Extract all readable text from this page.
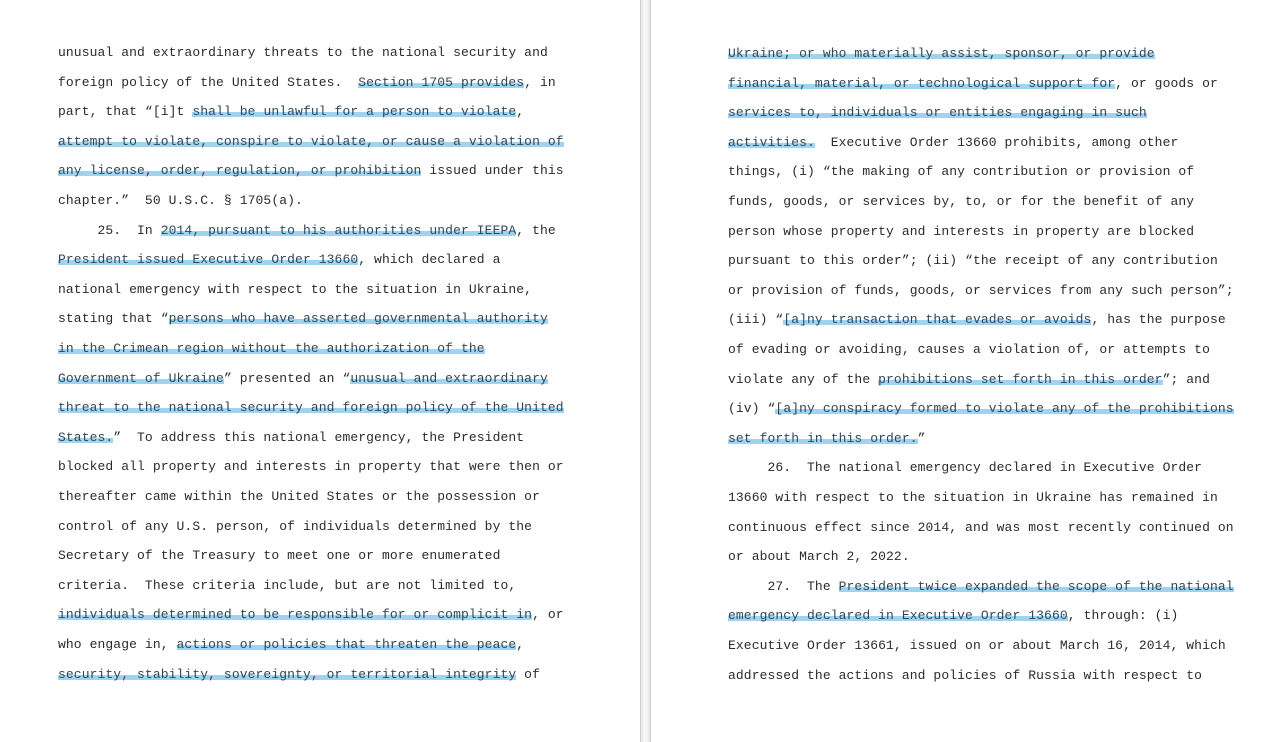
unusual and extraordinary threats to the national security and

foreign policy of the United States.  Section 1705 provides, in

part, that “[i]t shall be unlawful for a person to violate,

attempt to violate, conspire to violate, or cause a violation of

any license, order, regulation, or prohibition issued under this

chapter.”  50 U.S.C. § 1705(a).

25.  In 2014, pursuant to his authorities under IEEPA, the

President issued Executive Order 13660, which declared a

national emergency with respect to the situation in Ukraine,

stating that “persons who have asserted governmental authority

in the Crimean region without the authorization of the

Government of Ukraine” presented an “unusual and extraordinary

threat to the national security and foreign policy of the United

States.”  To address this national emergency, the President

blocked all property and interests in property that were then or

thereafter came within the United States or the possession or

control of any U.S. person, of individuals determined by the

Secretary of the Treasury to meet one or more enumerated

criteria.  These criteria include, but are not limited to,

individuals determined to be responsible for or complicit in, or

who engage in, actions or policies that threaten the peace,

security, stability, sovereignty, or territorial integrity of

Ukraine; or who materially assist, sponsor, or provide

financial, material, or technological support for, or goods or

services to, individuals or entities engaging in such

activities.  Executive Order 13660 prohibits, among other

things, (i) “the making of any contribution or provision of

funds, goods, or services by, to, or for the benefit of any

person whose property and interests in property are blocked

pursuant to this order”; (ii) “the receipt of any contribution

or provision of funds, goods, or services from any such person”;

(iii) “[a]ny transaction that evades or avoids, has the purpose

of evading or avoiding, causes a violation of, or attempts to

violate any of the prohibitions set forth in this order”; and

(iv) “[a]ny conspiracy formed to violate any of the prohibitions

set forth in this order.”

26.  The national emergency declared in Executive Order

13660 with respect to the situation in Ukraine has remained in

continuous effect since 2014, and was most recently continued on

or about March 2, 2022.

27.  The President twice expanded the scope of the national

emergency declared in Executive Order 13660, through: (i)

Executive Order 13661, issued on or about March 16, 2014, which

addressed the actions and policies of Russia with respect to
